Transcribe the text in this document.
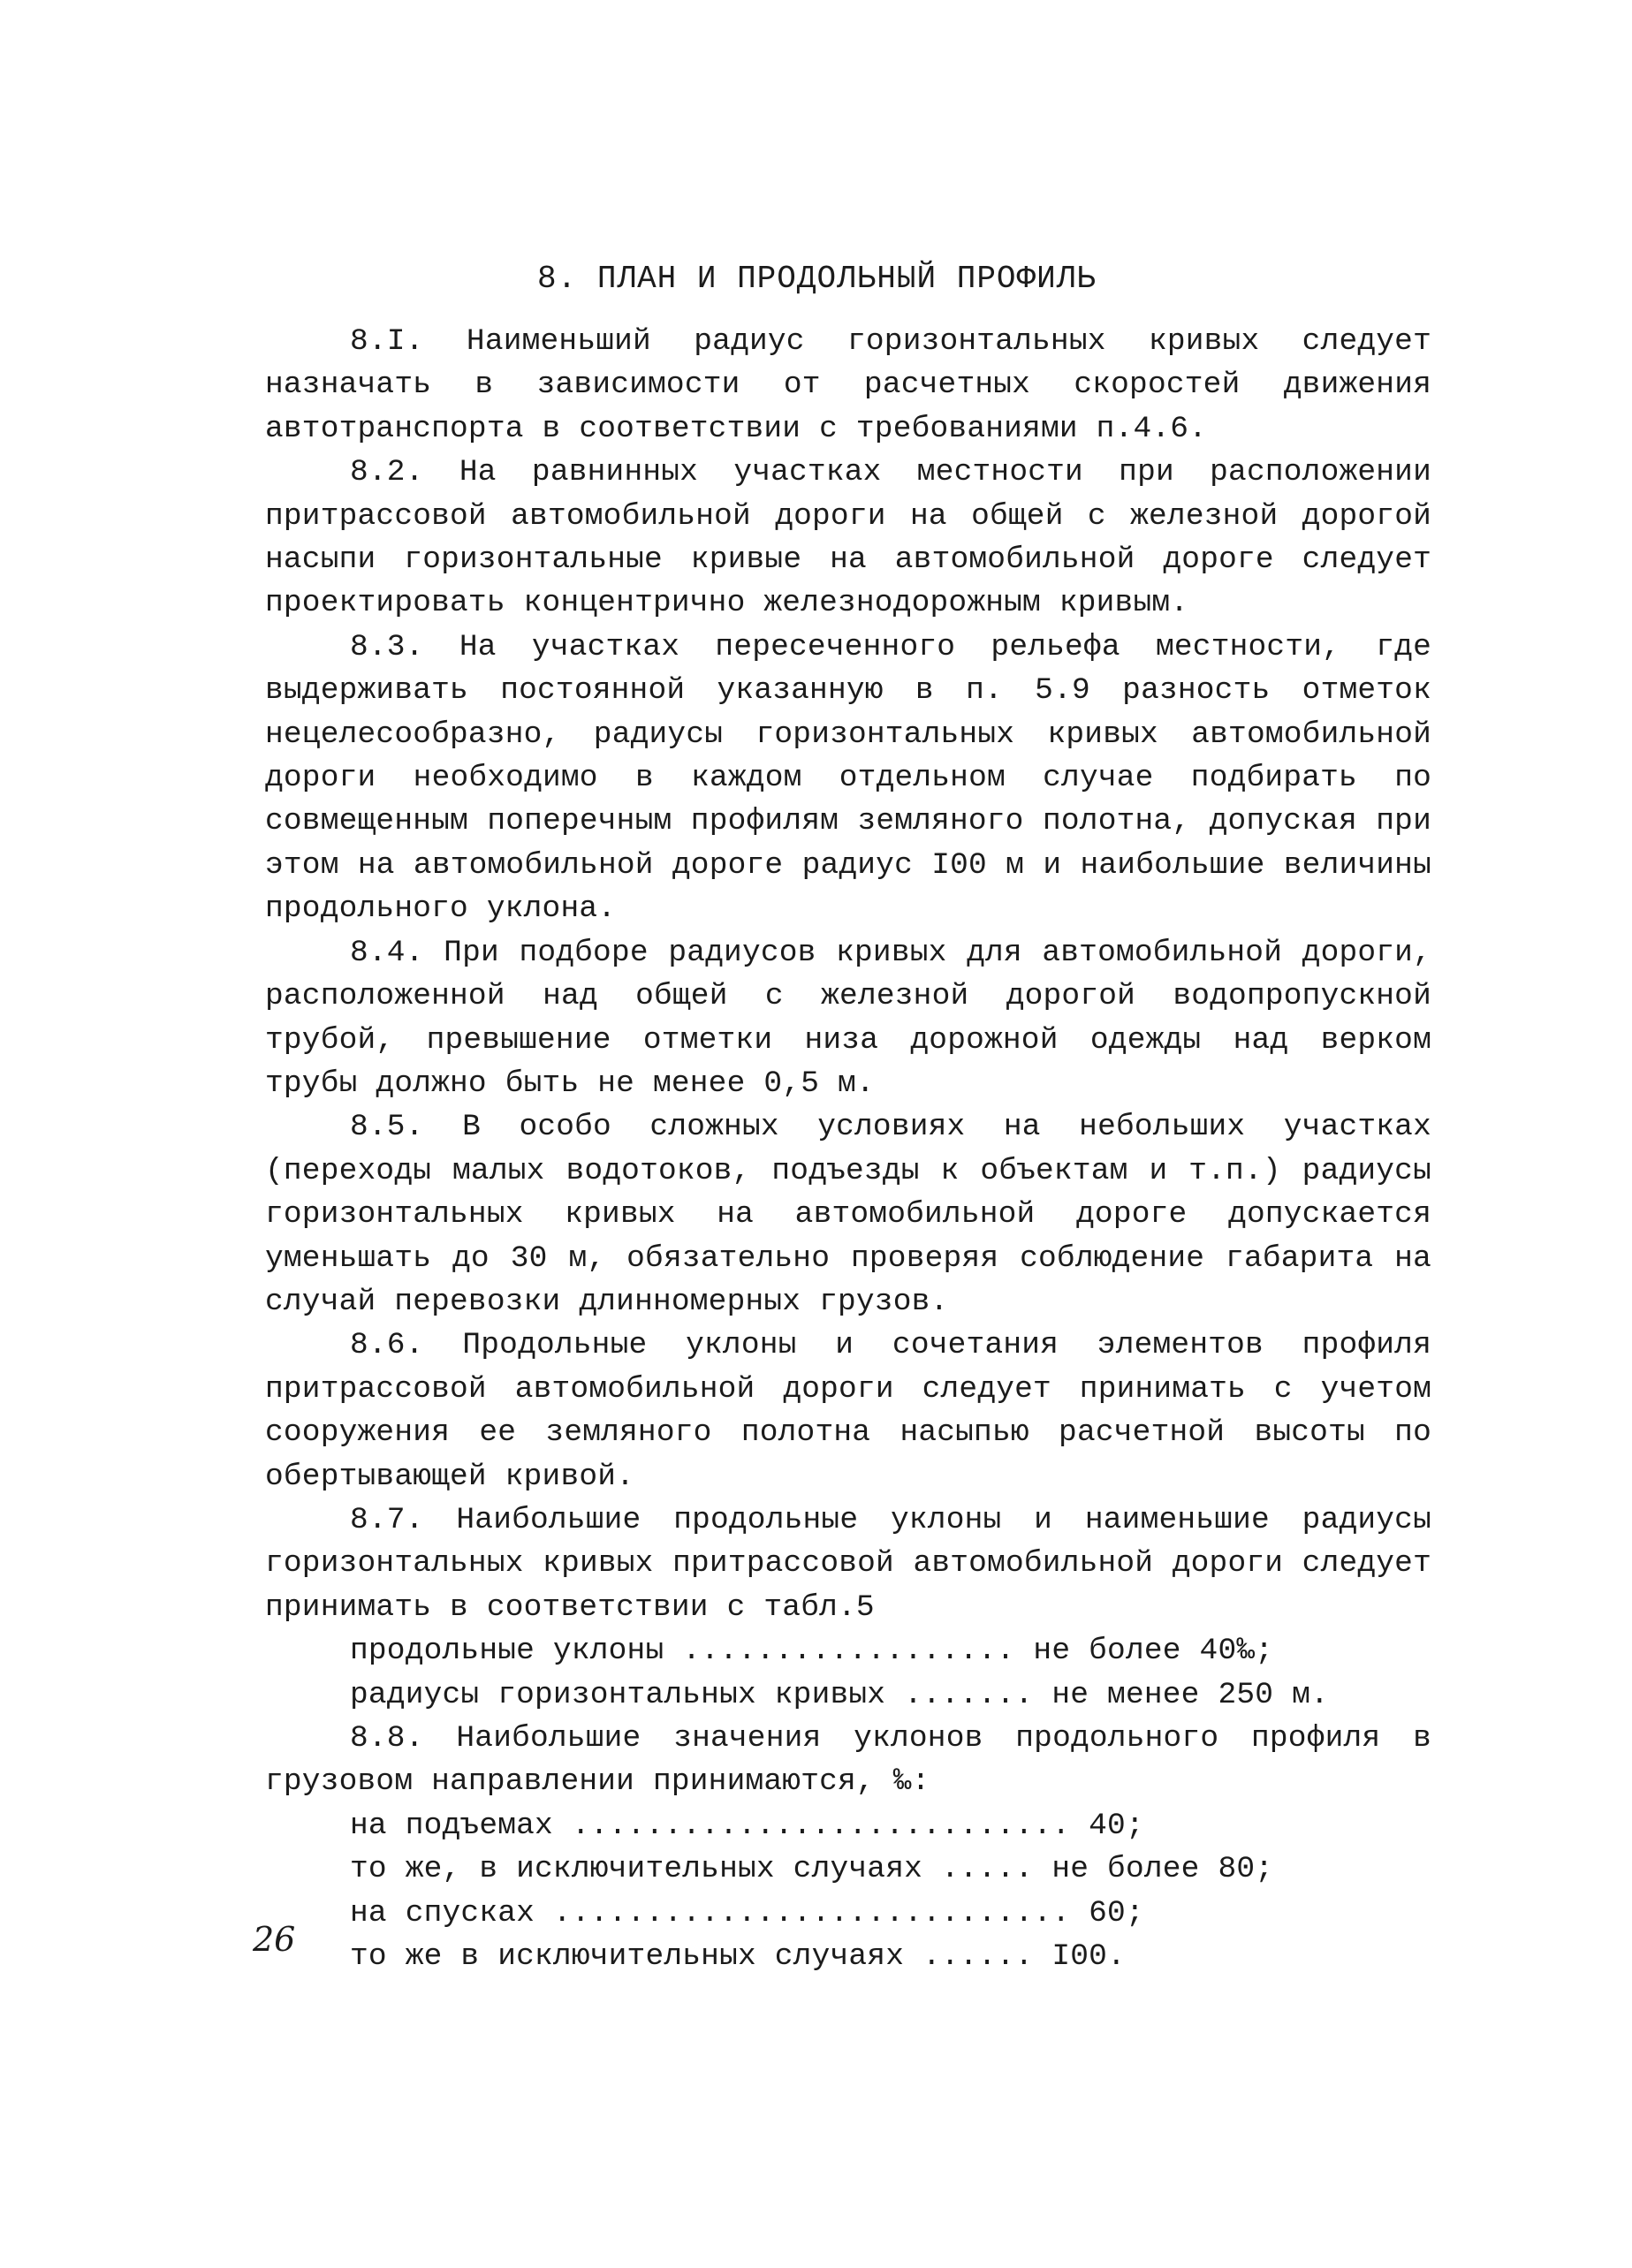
8. ПЛАН И ПРОДОЛЬНЫЙ ПРОФИЛЬ

8.I. Наименьший радиус горизонтальных кривых следует назначать в зависимости от расчетных скоростей движения автотранспорта в соответствии с требованиями п.4.6.

8.2. На равнинных участках местности при расположении притрассовой автомобильной дороги на общей с железной дорогой насыпи горизонтальные кривые на автомобильной дороге следует проектировать концентрично железнодорожным кривым.

8.3. На участках пересеченного рельефа местности, где выдерживать постоянной указанную в п. 5.9 разность отметок нецелесообразно, радиусы горизонтальных кривых автомобильной дороги необходимо в каждом отдельном случае подбирать по совмещенным поперечным профилям земляного полотна, допуская при этом на автомобильной дороге радиус I00 м и наибольшие величины продольного уклона.

8.4. При подборе радиусов кривых для автомобильной дороги, расположенной над общей с железной дорогой водопропускной трубой, превышение отметки низа дорожной одежды над верком трубы должно быть не менее 0,5 м.

8.5. В особо сложных условиях на небольших участках (переходы малых водотоков, подъезды к объектам и т.п.) радиусы горизонтальных кривых на автомобильной дороге допускается уменьшать до 30 м, обязательно проверяя соблюдение габарита на случай перевозки длинномерных грузов.

8.6. Продольные уклоны и сочетания элементов профиля притрассовой автомобильной дороги следует принимать с учетом сооружения ее земляного полотна насыпью расчетной высоты по обертывающей кривой.

8.7. Наибольшие продольные уклоны и наименьшие радиусы горизонтальных кривых притрассовой автомобильной дороги следует принимать в соответствии с табл.5

продольные уклоны .................. не более 40‰;
радиусы горизонтальных кривых ....... не менее 250 м.

8.8. Наибольшие значения уклонов продольного профиля в грузовом направлении принимаются, ‰:

на подъемах ........................... 40;
то же, в исключительных случаях ..... не более 80;
на спусках ............................ 60;
то же в исключительных случаях ...... I00.
26
